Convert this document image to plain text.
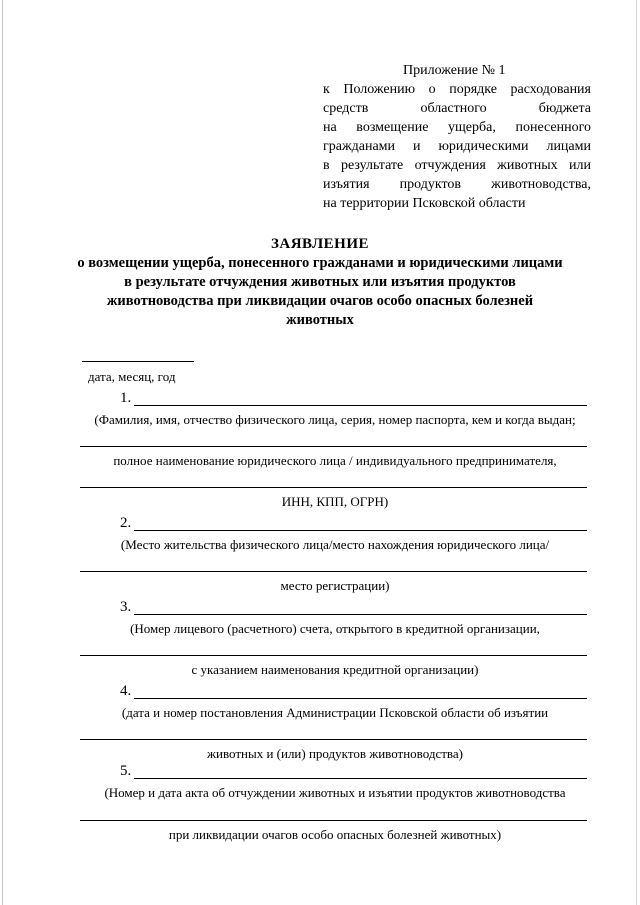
Приложение № 1
к Положению о порядке расходования
средств областного бюджета
на возмещение ущерба, понесенного
гражданами и юридическими лицами
в результате отчуждения животных или
изъятия продуктов животноводства,
на территории Псковской области
ЗАЯВЛЕНИЕ
о возмещении ущерба, понесенного гражданами и юридическими лицами
в результате отчуждения животных или изъятия продуктов
животноводства при ликвидации очагов особо опасных болезней
животных
дата, месяц, год
1.
(Фамилия, имя, отчество физического лица, серия, номер паспорта, кем и когда выдан;
полное наименование юридического лица / индивидуального предпринимателя,
ИНН, КПП, ОГРН)
2.
(Место жительства физического лица/место нахождения юридического лица/
место регистрации)
3.
(Номер лицевого (расчетного) счета, открытого в кредитной организации,
с указанием наименования кредитной организации)
4.
(дата и номер постановления Администрации Псковской области об изъятии
животных и (или) продуктов животноводства)
5.
(Номер и дата акта об отчуждении животных и изъятии продуктов животноводства
при ликвидации очагов особо опасных болезней животных)
